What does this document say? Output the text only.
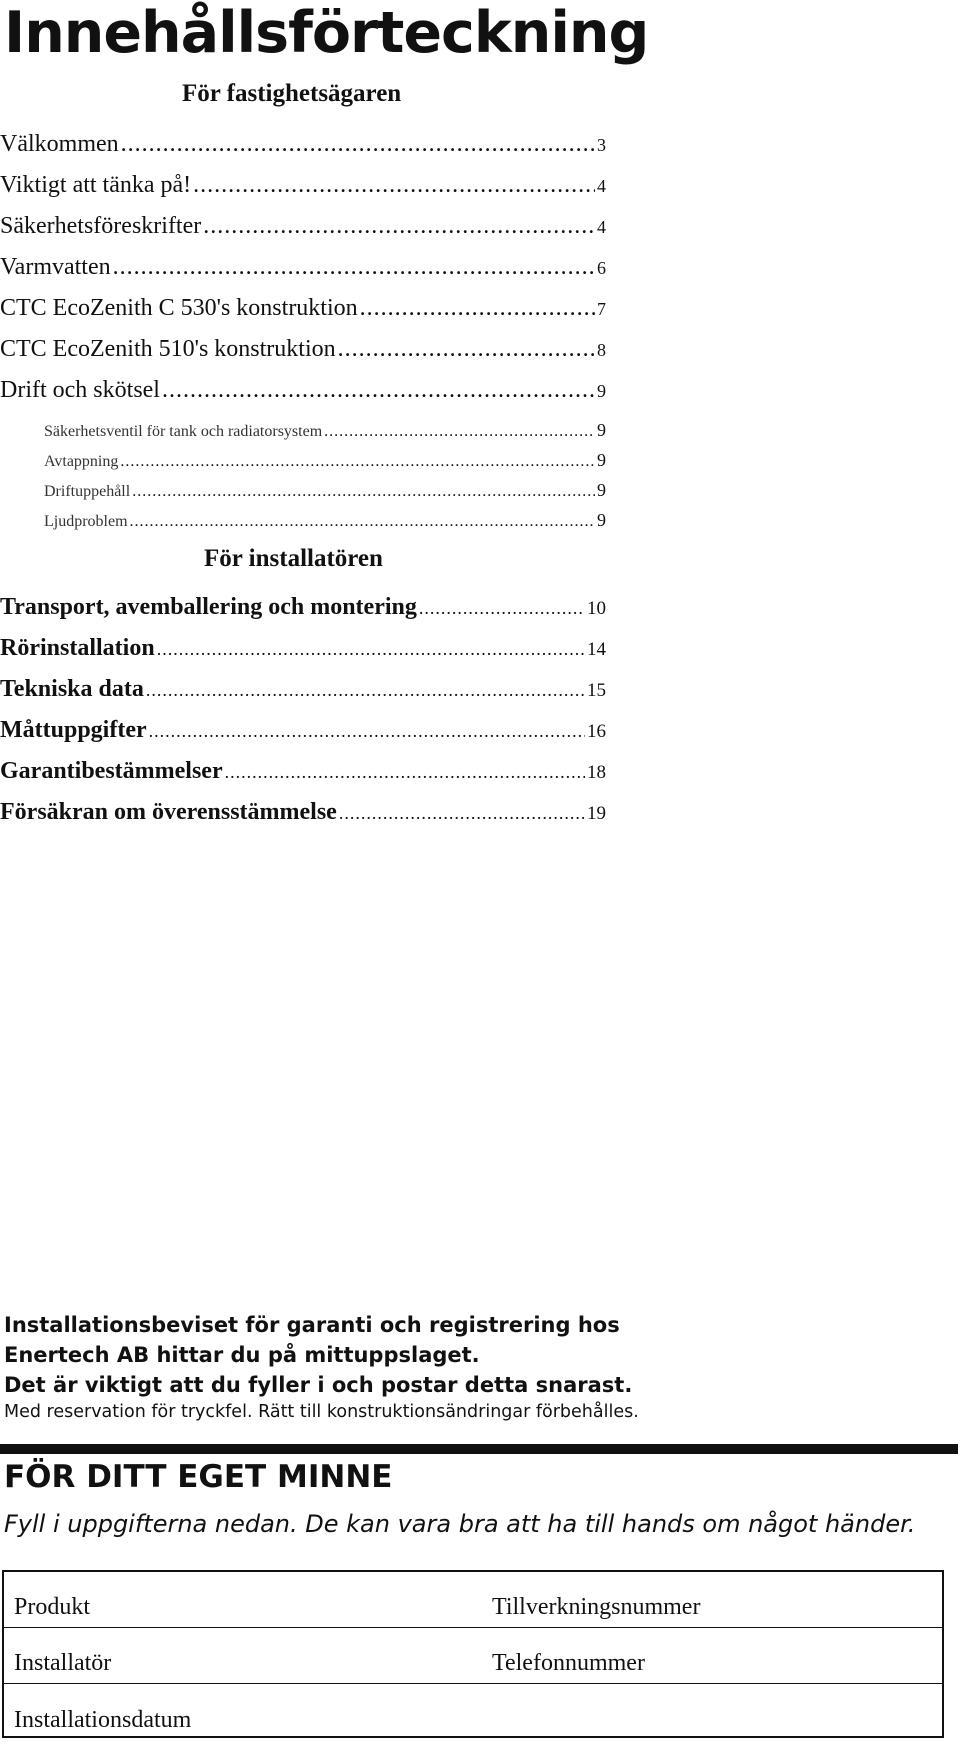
Innehållsförteckning
För fastighetsägaren
Välkommen .....	3
Viktigt att tänka på! .....	4
Säkerhetsföreskrifter .....	4
Varmvatten .....	6
CTC EcoZenith C 530's konstruktion .....	7
CTC EcoZenith 510's konstruktion .....	8
Drift och skötsel .....	9
Säkerhetsventil för tank och radiatorsystem .....	9
Avtappning .....	9
Driftuppehåll .....	9
Ljudproblem .....	9
För installatören
Transport, avemballering och montering .....	10
Rörinstallation .....	14
Tekniska data .....	15
Måttuppgifter .....	16
Garantibestämmelser .....	18
Försäkran om överensstämmelse .....	19
Installationsbeviset för garanti och registrering hos
Enertech AB hittar du på mittuppslaget.
Det är viktigt att du fyller i och postar detta snarast.
Med reservation för tryckfel. Rätt till konstruktionsändringar förbehålles.
FÖR DITT EGET MINNE

Fyll i uppgifterna nedan. De kan vara bra att ha till hands om något händer.

Produkt	Tillverkningsnummer
Installatör	Telefonnummer
Installationsdatum
